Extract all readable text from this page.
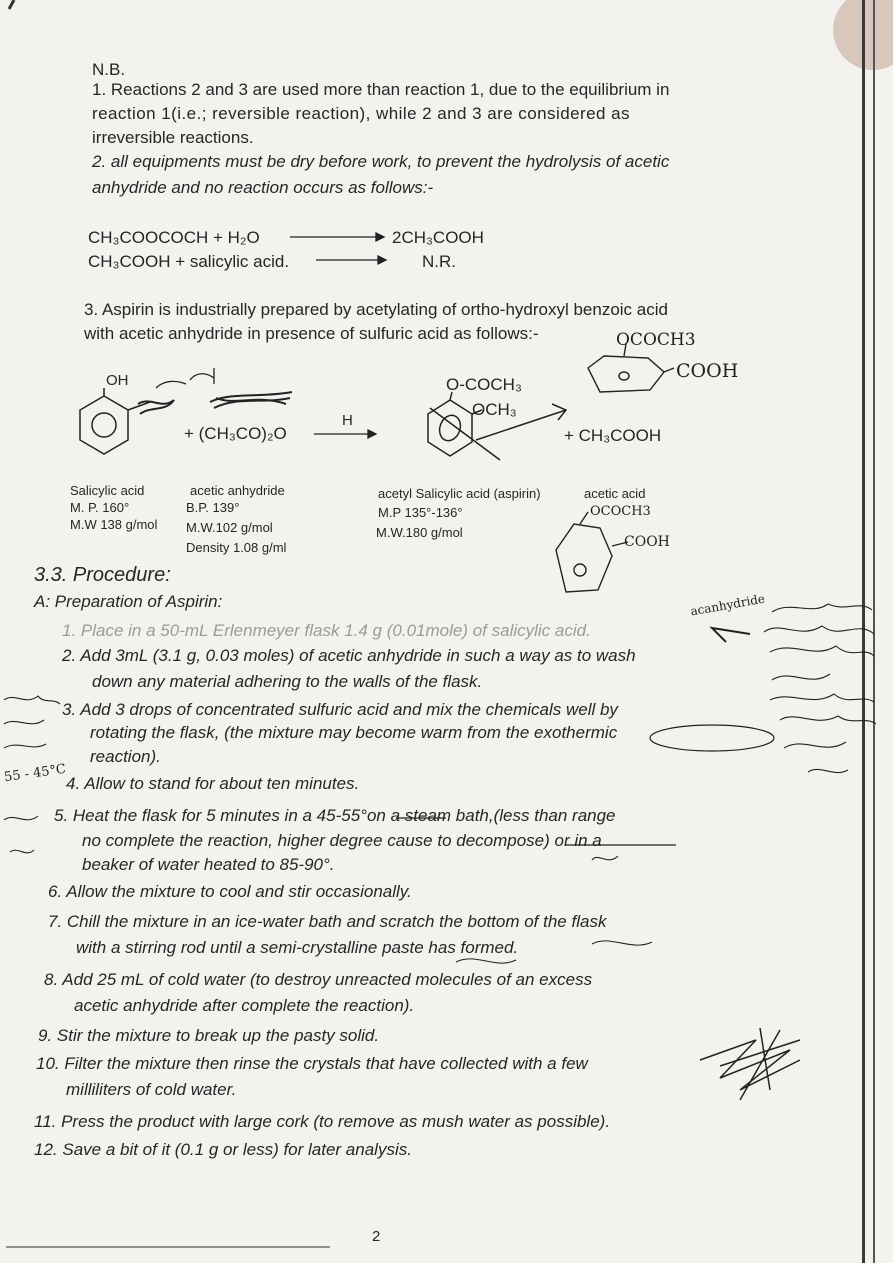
N.B.
1. Reactions 2 and 3 are used more than reaction 1, due to the equilibrium in
reaction 1(i.e.; reversible reaction), while 2 and 3 are considered as
irreversible reactions.
2. all equipments must be dry before work, to prevent the hydrolysis of acetic
anhydride and no reaction occurs as follows:-
CH₃COOCOCH + H₂O	2CH₃COOH
CH₃COOH + salicylic acid.	N.R.
3. Aspirin is industrially prepared by acetylating of ortho-hydroxyl benzoic acid
with acetic anhydride in presence of sulfuric acid as follows:-
OH
+ (CH₃CO)₂O
H
O-COCH₃
OCH₃
+ CH₃COOH
Salicylic acid
M. P. 160°
M.W 138 g/mol
acetic anhydride
B.P. 139°
M.W.102 g/mol
Density 1.08 g/ml
acetyl Salicylic acid (aspirin)
M.P 135°-136°
M.W.180 g/mol
acetic acid
3.3. Procedure:
A: Preparation of Aspirin:
1. Place in a 50-mL Erlenmeyer flask 1.4 g (0.01mole) of salicylic acid.
2. Add 3mL (3.1 g, 0.03 moles) of acetic anhydride in such a way as to wash
down any material adhering to the walls of the flask.
3. Add 3 drops of concentrated sulfuric acid and mix the chemicals well by
rotating the flask, (the mixture may become warm from the exothermic
reaction).
4. Allow to stand for about ten minutes.
5. Heat the flask for 5 minutes in a 45-55°on a steam bath,(less than range
no complete the reaction, higher degree cause to decompose) or in a
beaker of water heated to 85-90°.
6. Allow the mixture to cool and stir occasionally.
7. Chill the mixture in an ice-water bath and scratch the bottom of the flask
with a stirring rod until a semi-crystalline paste has formed.
8. Add 25 mL of cold water (to destroy unreacted molecules of an excess
acetic anhydride after complete the reaction).
9. Stir the mixture to break up the pasty solid.
10. Filter the mixture then rinse the crystals that have collected with a few
milliliters of cold water.
11. Press the product with large cork (to remove as mush water as possible).
12. Save a bit of it (0.1 g or less) for later analysis.
OCOCH3
COOH
OCOCH3
COOH
acanhydride
55 - 45°C
2
